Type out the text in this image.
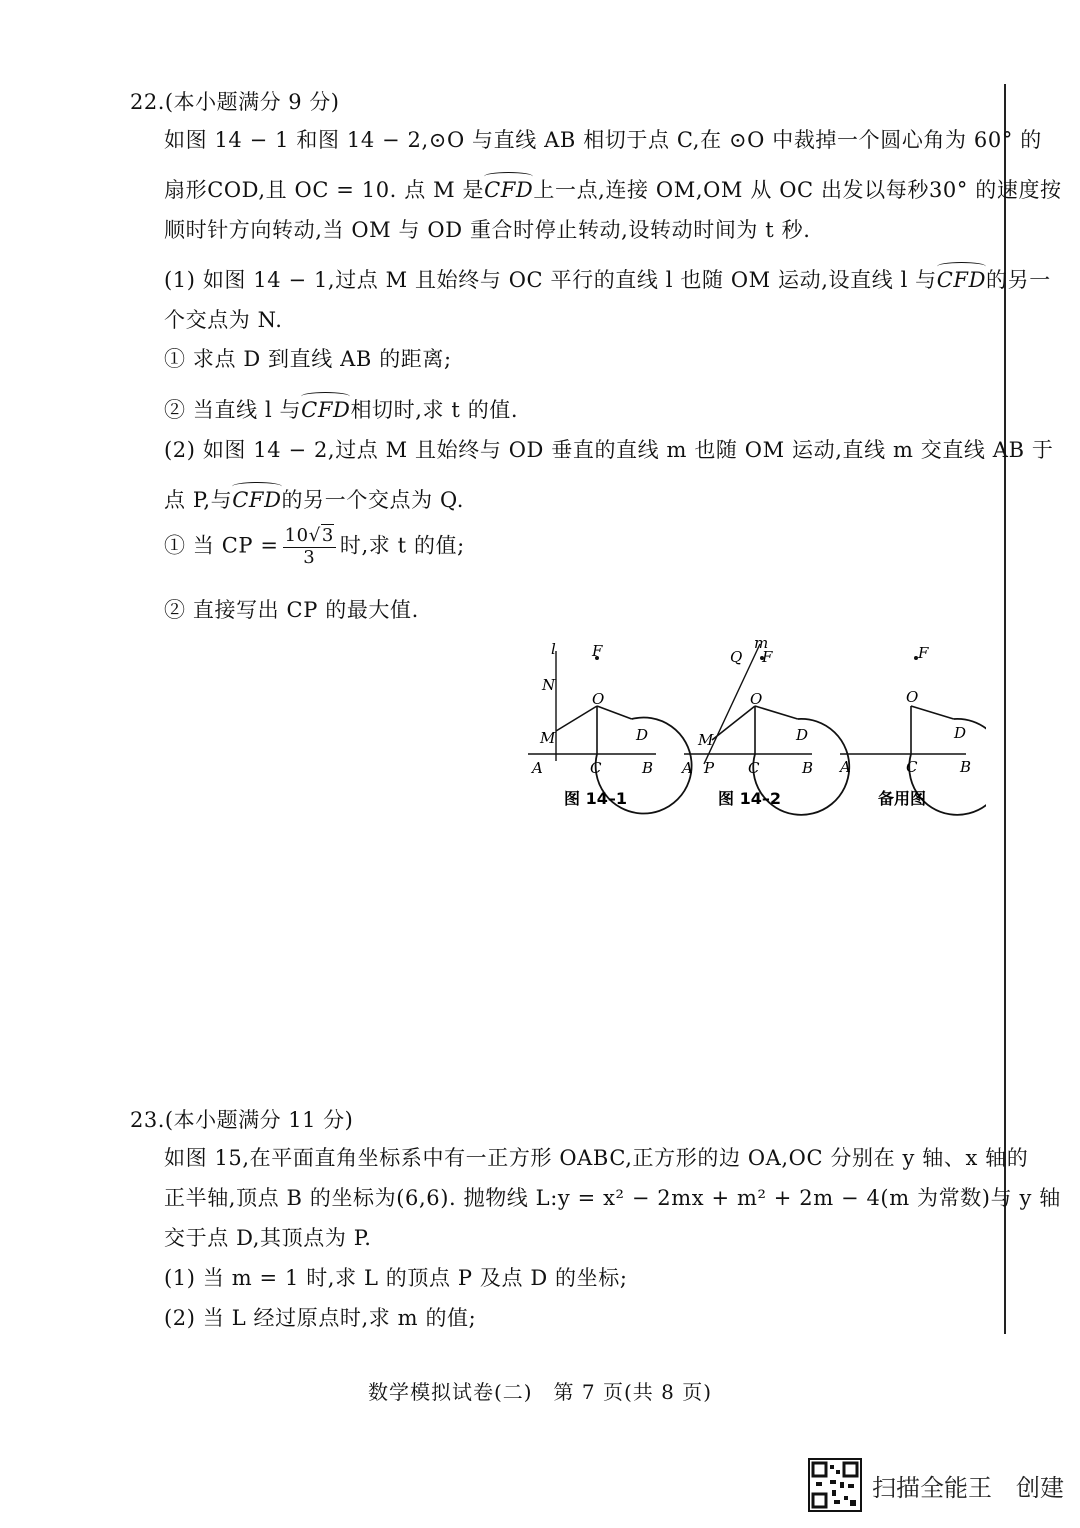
22.(本小题满分 9 分)
如图 14 − 1 和图 14 − 2,⊙O 与直线 AB 相切于点 C,在 ⊙O 中裁掉一个圆心角为 60° 的
扇形COD,且 OC = 10. 点 M 是CFD上一点,连接 OM,OM 从 OC 出发以每秒30° 的速度按
顺时针方向转动,当 OM 与 OD 重合时停止转动,设转动时间为 t 秒.
(1) 如图 14 − 1,过点 M 且始终与 OC 平行的直线 l 也随 OM 运动,设直线 l 与CFD的另一
个交点为 N.
① 求点 D 到直线 AB 的距离;
② 当直线 l 与CFD相切时,求 t 的值.
(2) 如图 14 − 2,过点 M 且始终与 OD 垂直的直线 m 也随 OM 运动,直线 m 交直线 AB 于
点 P,与CFD的另一个交点为 Q.
① 当 CP = $\frac{10√3}{3}$ 时,求 t 的值;
② 直接写出 CP 的最大值.
l F
N
O
D
M
A	C	B
图 14–1
m
Q F
O
D
M
A P C	B
图 14–2
F
O
D
A	C	B
备用图
23.(本小题满分 11 分)
如图 15,在平面直角坐标系中有一正方形 OABC,正方形的边 OA,OC 分别在 y 轴、x 轴的
正半轴,顶点 B 的坐标为(6,6). 抛物线 L:y = x² − 2mx + m² + 2m − 4(m 为常数)与 y 轴
交于点 D,其顶点为 P.
(1) 当 m = 1 时,求 L 的顶点 P 及点 D 的坐标;
(2) 当 L 经过原点时,求 m 的值;
数学模拟试卷(二)　第 7 页(共 8 页)
扫描全能王　创建
